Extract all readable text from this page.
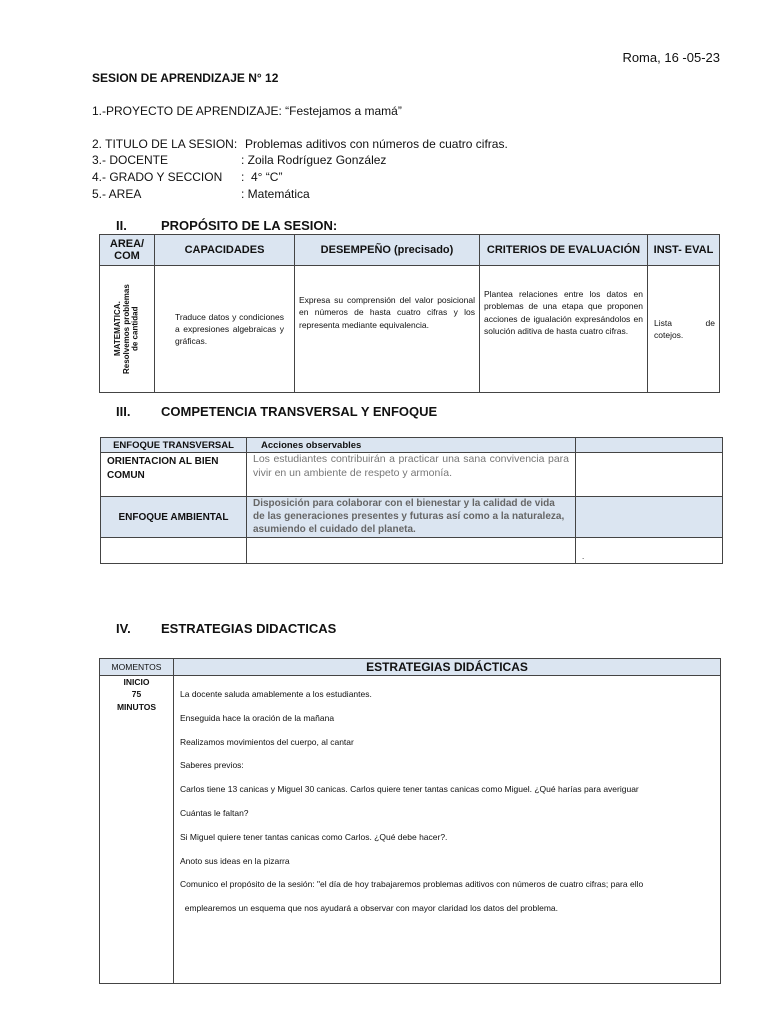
Roma, 16 -05-23
SESION DE APRENDIZAJE N° 12
1.-PROYECTO DE APRENDIZAJE: “Festejamos a mamá”
2. TITULO DE LA SESION: Problemas aditivos con números de cuatro cifras.
3.- DOCENTE	: Zoila Rodríguez González
4.- GRADO Y SECCION :  4° “C”
5.- AREA	: Matemática
II.	PROPÓSITO DE LA SESION:
AREA/ COM	CAPACIDADES	DESEMPEÑO (precisado)	CRITERIOS DE EVALUACIÓN	INST- EVAL

MATEMATICA. Resolvemos problemas de cantidad	Traduce datos y condiciones a expresiones algebraicas y gráficas.	Expresa su comprensión del valor posicional en números de hasta cuatro cifras y los representa mediante equivalencia.	Plantea relaciones entre los datos en problemas de una etapa que proponen acciones de igualación expresándolos en solución aditiva de hasta cuatro cifras.	Lista de cotejos.
III. COMPETENCIA TRANSVERSAL Y ENFOQUE
ENFOQUE TRANSVERSAL	Acciones observables	
ORIENTACION AL BIEN COMUN	Los estudiantes contribuirán a practicar una sana convivencia para vivir en un ambiente de respeto y armonía.	
ENFOQUE AMBIENTAL	Disposición para colaborar con el bienestar y la calidad de vida de las generaciones presentes y futuras así como a la naturaleza, asumiendo el cuidado del planeta.	
		.
IV. ESTRATEGIAS DIDACTICAS
MOMENTOS	ESTRATEGIAS DIDÁCTICAS

INICIO
75
MINUTOS	

La docente saluda amablemente a los estudiantes.
Enseguida hace la oración de la mañana
Realizamos movimientos del cuerpo, al cantar
Saberes previos:
Carlos tiene 13 canicas y Miguel 30 canicas. Carlos quiere tener tantas canicas como Miguel. ¿Qué harías para averiguar
Cuántas le faltan?
Si Miguel quiere tener tantas canicas como Carlos. ¿Qué debe hacer?.
Anoto sus ideas en la pizarra
Comunico el propósito de la sesión: "el día de hoy trabajaremos problemas aditivos con números de cuatro cifras; para ello
emplearemos un esquema que nos ayudará a observar con mayor claridad los datos del problema.
